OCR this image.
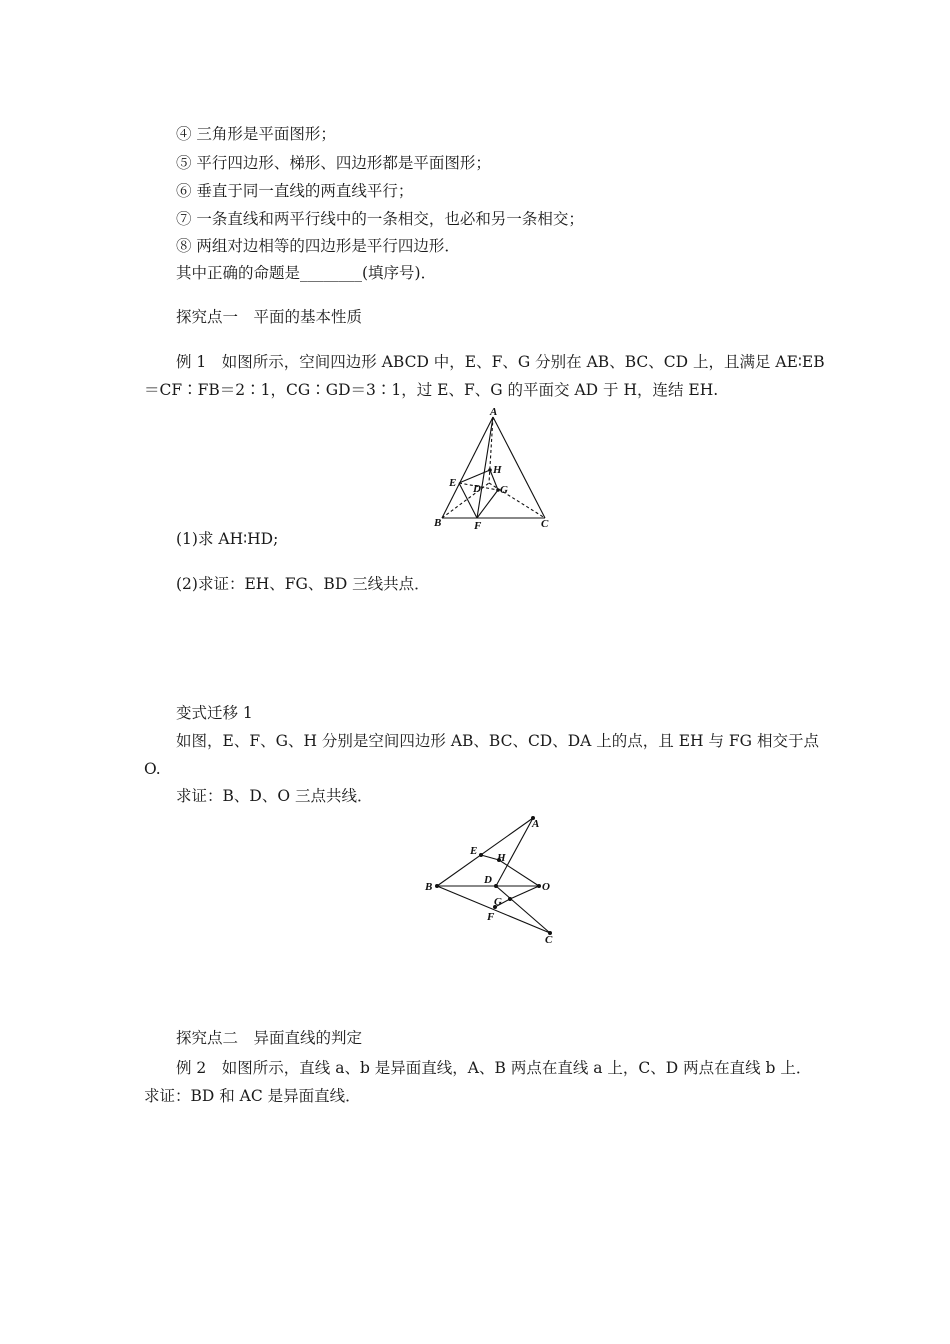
④ 三角形是平面图形；
⑤ 平行四边形、梯形、四边形都是平面图形；
⑥ 垂直于同一直线的两直线平行；
⑦ 一条直线和两平行线中的一条相交，也必和另一条相交；
⑧ 两组对边相等的四边形是平行四边形．
其中正确的命题是________(填序号)．
探究点一　平面的基本性质
例 1　如图所示，空间四边形 ABCD 中，E、F、G 分别在 AB、BC、CD 上，且满足 AE∶EB
＝CF∶FB＝2∶1，CG∶GD＝3∶1，过 E、F、G 的平面交 AD 于 H，连结 EH.
A
B	C
D
E
F
G
H
(1)求 AH∶HD;
(2)求证：EH、FG、BD 三线共点．
变式迁移 1
如图，E、F、G、H 分别是空间四边形 AB、BC、CD、DA 上的点，且 EH 与 FG 相交于点
O.
求证：B、D、O 三点共线．
A
B
C
D
E
F
G
H
O
探究点二　异面直线的判定
例 2　如图所示，直线 a、b 是异面直线，A、B 两点在直线 a 上，C、D 两点在直线 b 上．
求证：BD 和 AC 是异面直线．
